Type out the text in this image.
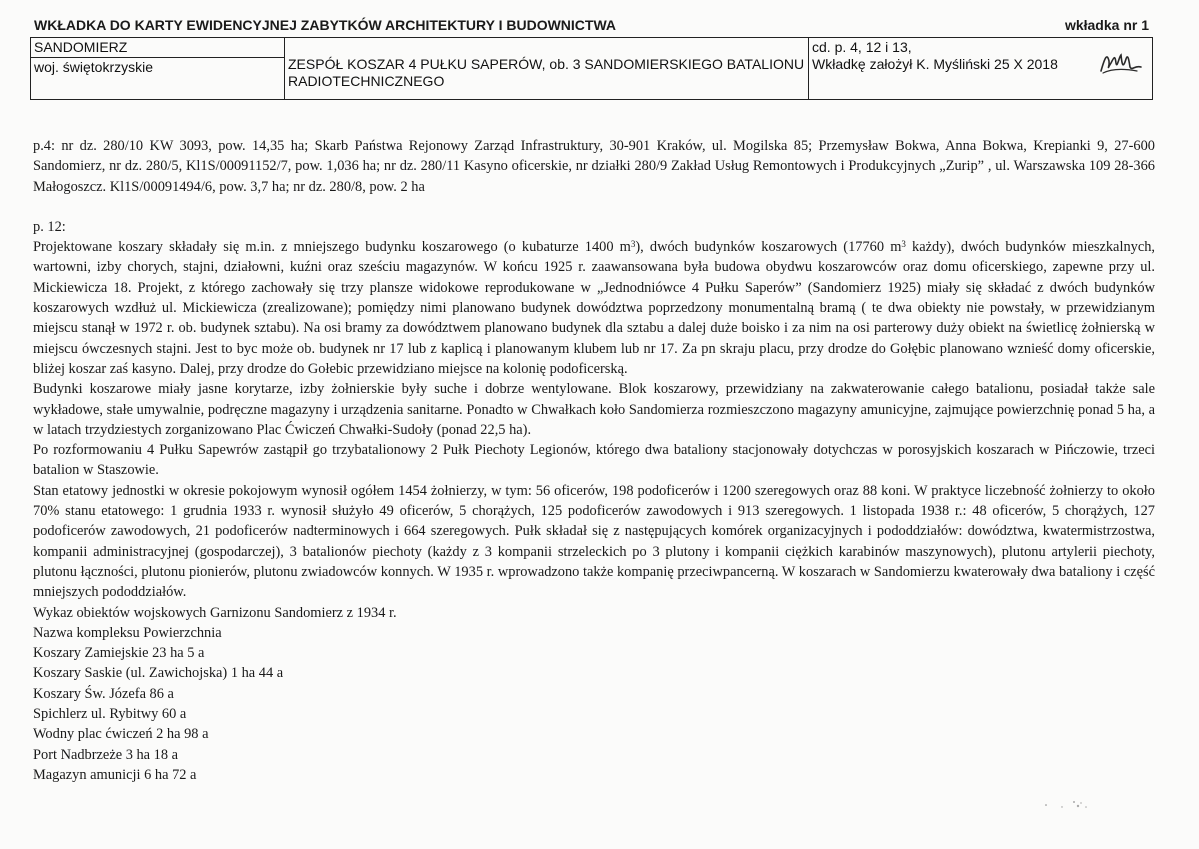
WKŁADKA DO KARTY EWIDENCYJNEJ ZABYTKÓW ARCHITEKTURY I BUDOWNICTWA	wkładka nr 1
SANDOMIERZ	
ZESPÓŁ KOSZAR 4 PUŁKU SAPERÓW, ob. 3 SANDOMIERSKIEGO BATALIONU RADIOTECHNICZNEGO	
cd. p. 4, 12 i 13,
Wkładkę założył K. Myśliński 25 X 2018

woj. świętokrzyskie

p.4: nr dz. 280/10 KW 3093, pow. 14,35 ha; Skarb Państwa Rejonowy Zarząd Infrastruktury, 30-901 Kraków, ul. Mogilska 85; Przemysław Bokwa, Anna Bokwa, Krepianki 9, 27-600 Sandomierz, nr dz. 280/5, Kl1S/00091152/7, pow. 1,036 ha; nr dz. 280/11 Kasyno oficerskie, nr działki 280/9 Zakład Usług Remontowych i Produkcyjnych „Zurip” , ul. Warszawska 109 28-366 Małogoszcz. Kl1S/00091494/6, pow. 3,7 ha; nr dz. 280/8, pow. 2 ha

p. 12:

Projektowane koszary składały się m.in. z mniejszego budynku koszarowego (o kubaturze 1400 $m^3$), dwóch budynków koszarowych (17760 $m^3$ każdy), dwóch budynków mieszkalnych, wartowni, izby chorych, stajni, działowni, kuźni oraz sześciu magazynów. W końcu 1925 r. zaawansowana była budowa obydwu koszarowców oraz domu oficerskiego, zapewne przy ul. Mickiewicza 18. Projekt, z którego zachowały się trzy plansze widokowe reprodukowane w „Jednodniówce 4 Pułku Saperów” (Sandomierz 1925) miały się składać z dwóch budynków koszarowych wzdłuż ul. Mickiewicza (zrealizowane); pomiędzy nimi planowano budynek dowództwa poprzedzony monumentalną bramą ( te dwa obiekty nie powstały, w przewidzianym miejscu stanął w 1972 r. ob. budynek sztabu). Na osi bramy za dowództwem planowano budynek dla sztabu a dalej duże boisko i za nim na osi parterowy duży obiekt na świetlicę żołnierską w miejscu ówczesnych stajni. Jest to byc może ob. budynek nr 17 lub z kaplicą i planowanym klubem lub nr 17. Za pn skraju placu, przy drodze do Gołębic planowano wznieść domy oficerskie, bliżej koszar zaś kasyno. Dalej, przy drodze do Gołebic przewidziano miejsce na kolonię podoficerską.

Budynki koszarowe miały jasne korytarze, izby żołnierskie były suche i dobrze wentylowane. Blok koszarowy, przewidziany na zakwaterowanie całego batalionu, posiadał także sale wykładowe, stałe umywalnie, podręczne magazyny i urządzenia sanitarne. Ponadto w Chwałkach koło Sandomierza rozmieszczono magazyny amunicyjne, zajmujące powierzchnię ponad 5 ha, a w latach trzydziestych zorganizowano Plac Ćwiczeń Chwałki-Sudoły (ponad 22,5 ha).

Po rozformowaniu 4 Pułku Sapewrów zastąpił go trzybatalionowy 2 Pułk Piechoty Legionów, którego dwa bataliony stacjonowały dotychczas w porosyjskich koszarach w Pińczowie, trzeci batalion w Staszowie.

Stan etatowy jednostki w okresie pokojowym wynosił ogółem 1454 żołnierzy, w tym: 56 oficerów, 198 podoficerów i 1200 szeregowych oraz 88 koni. W praktyce liczebność żołnierzy to około 70% stanu etatowego: 1 grudnia 1933 r. wynosił służyło 49 oficerów, 5 chorążych, 125 podoficerów zawodowych i 913 szeregowych. 1 listopada 1938 r.: 48 oficerów, 5 chorążych, 127 podoficerów zawodowych, 21 podoficerów nadterminowych i 664 szeregowych. Pułk składał się z następujących komórek organizacyjnych i pododdziałów: dowództwa, kwatermistrzostwa, kompanii administracyjnej (gospodarczej), 3 batalionów piechoty (każdy z 3 kompanii strzeleckich po 3 plutony i kompanii ciężkich karabinów maszynowych), plutonu artylerii piechoty, plutonu łączności, plutonu pionierów, plutonu zwiadowców konnych. W 1935 r. wprowadzono także kompanię przeciwpancerną. W koszarach w Sandomierzu kwaterowały dwa bataliony i część mniejszych pododdziałów.

Wykaz obiektów wojskowych Garnizonu Sandomierz z 1934 r.

Nazwa kompleksu Powierzchnia

Koszary Zamiejskie 23 ha 5 a

Koszary Saskie (ul. Zawichojska) 1 ha 44 a

Koszary Św. Józefa 86 a

Spichlerz ul. Rybitwy 60 a

Wodny plac ćwiczeń 2 ha 98 a

Port Nadbrzeże 3 ha 18 a

Magazyn amunicji 6 ha 72 a
